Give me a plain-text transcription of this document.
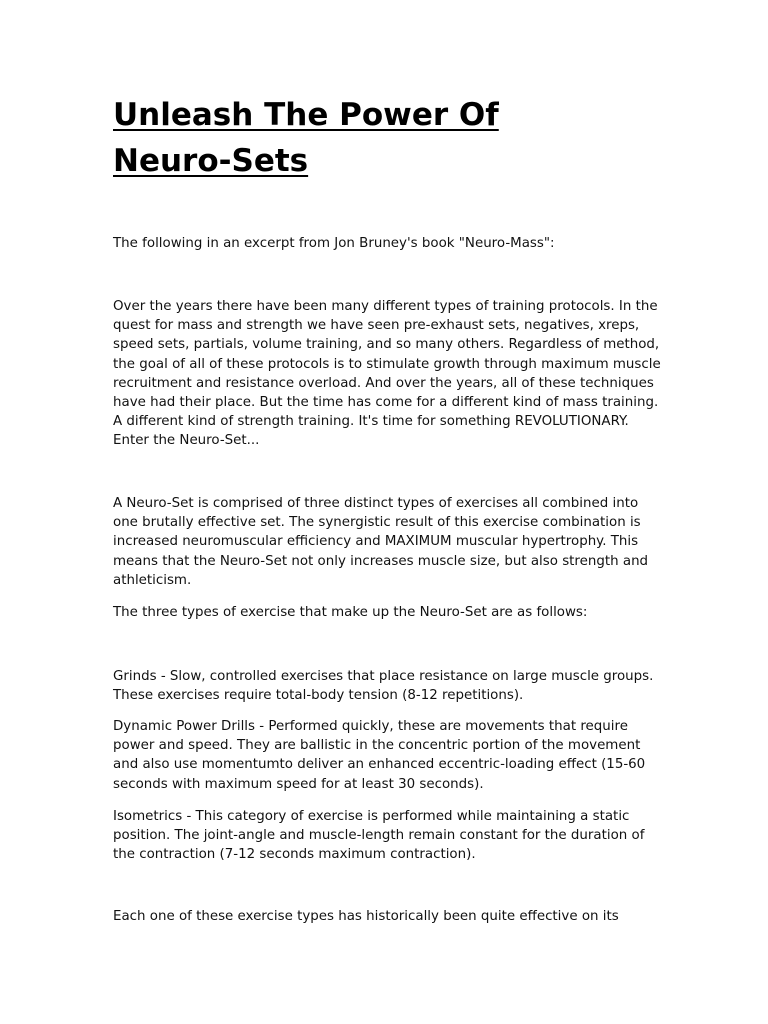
Unleash The Power Of
Neuro-Sets

The following in an excerpt from Jon Bruney's book "Neuro-Mass":

Over the years there have been many different types of training protocols. In the quest for mass and strength we have seen pre-exhaust sets, negatives, xreps, speed sets, partials, volume training, and so many others. Regardless of method, the goal of all of these protocols is to stimulate growth through maximum muscle recruitment and resistance overload. And over the years, all of these techniques have had their place. But the time has come for a different kind of mass training. A different kind of strength training. It's time for something REVOLUTIONARY. Enter the Neuro-Set...

A Neuro-Set is comprised of three distinct types of exercises all combined into one brutally effective set. The synergistic result of this exercise combination is increased neuromuscular efficiency and MAXIMUM muscular hypertrophy. This means that the Neuro-Set not only increases muscle size, but also strength and athleticism.

The three types of exercise that make up the Neuro-Set are as follows:

Grinds - Slow, controlled exercises that place resistance on large muscle groups. These exercises require total-body tension (8-12 repetitions).

Dynamic Power Drills - Performed quickly, these are movements that require power and speed. They are ballistic in the concentric portion of the movement and also use momentumto deliver an enhanced eccentric-loading effect (15-60 seconds with maximum speed for at least 30 seconds).

Isometrics - This category of exercise is performed while maintaining a static position. The joint-angle and muscle-length remain constant for the duration of the contraction (7-12 seconds maximum contraction).

Each one of these exercise types has historically been quite effective on its
